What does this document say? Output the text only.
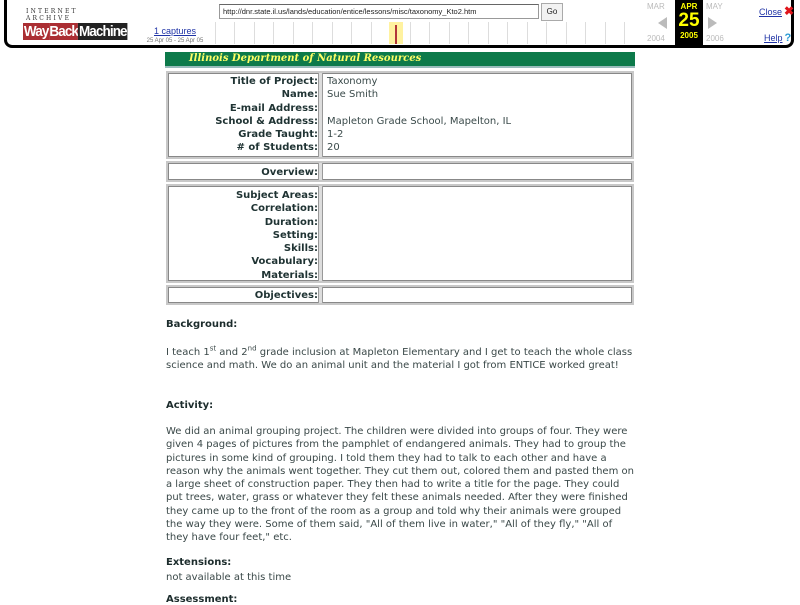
INTERNET ARCHIVE
WayBackMachine	1 captures
25 Apr 05 - 25 Apr 05
http://dnr.state.il.us/lands/education/entice/lessons/misc/taxonomy_Kto2.htm	Go
MAR	MAY
2004	2006
APR
25
2005
Close ✖
Help ?
Illinois Department of Natural Resources
Title of Project:	Taxonomy
Name:	Sue Smith
E-mail Address:	
School & Address:	Mapleton Grade School, Mapelton, IL
Grade Taught:	1-2
# of Students:	20
Overview:	
Subject Areas:	
Correlation:	
Duration:	
Setting:	
Skills:	
Vocabulary:	
Materials:	
Objectives:	
Background:
I teach 1st and 2nd grade inclusion at Mapleton Elementary and I get to teach the whole class science and math. We do an animal unit and the material I got from ENTICE worked great!
Activity:
We did an animal grouping project. The children were divided into groups of four. They were given 4 pages of pictures from the pamphlet of endangered animals. They had to group the pictures in some kind of grouping. I told them they had to talk to each other and have a reason why the animals went together. They cut them out, colored them and pasted them on a large sheet of construction paper. They then had to write a title for the page. They could put trees, water, grass or whatever they felt these animals needed. After they were finished they came up to the front of the room as a group and told why their animals were grouped the way they were. Some of them said, "All of them live in water," "All of they fly," "All of they have four feet," etc.
Extensions:
not available at this time
Assessment:
